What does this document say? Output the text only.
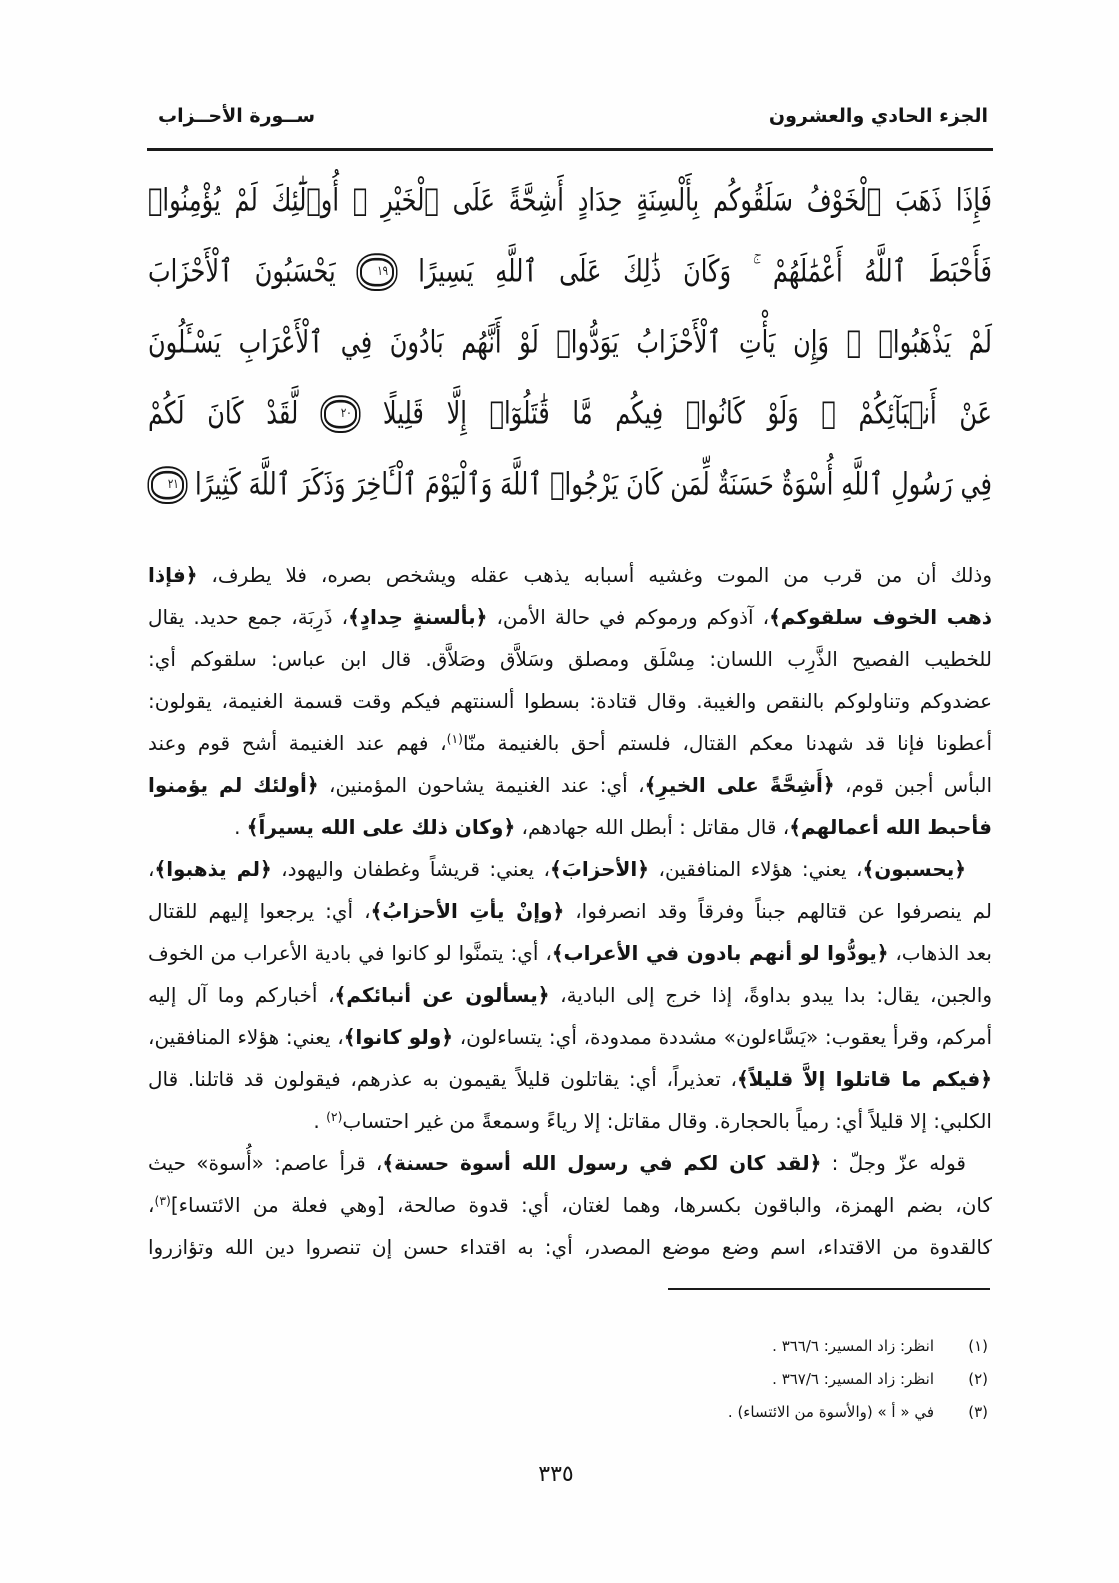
الجزء الحادي والعشرون
ســورة الأحــزاب
فَإِذَا ذَهَبَ ٱلْخَوْفُ سَلَقُوكُم بِأَلْسِنَةٍ حِدَادٍ أَشِحَّةً عَلَى ٱلْخَيْرِ ۚ أُو۟لَٰٓئِكَ لَمْ يُؤْمِنُوا۟
فَأَحْبَطَ ٱللَّهُ أَعْمَٰلَهُمْ ۚ وَكَانَ ذَٰلِكَ عَلَى ٱللَّهِ يَسِيرًا ١٩ يَحْسَبُونَ ٱلْأَحْزَابَ
لَمْ يَذْهَبُوا۟ ۖ وَإِن يَأْتِ ٱلْأَحْزَابُ يَوَدُّوا۟ لَوْ أَنَّهُم بَادُونَ فِي ٱلْأَعْرَابِ يَسْـَٔلُونَ
عَنْ أَنۢبَآئِكُمْ ۖ وَلَوْ كَانُوا۟ فِيكُم مَّا قَٰتَلُوٓا۟ إِلَّا قَلِيلًا ٢٠ لَّقَدْ كَانَ لَكُمْ
فِي رَسُولِ ٱللَّهِ أُسْوَةٌ حَسَنَةٌ لِّمَن كَانَ يَرْجُوا۟ ٱللَّهَ وَٱلْيَوْمَ ٱلْـَٔاخِرَ وَذَكَرَ ٱللَّهَ كَثِيرًا ٢١
وذلك أن من قرب من الموت وغشيه أسبابه يذهب عقله ويشخص بصره، فلا يطرف، ﴿فإذا
ذهب الخوف سلقوكم﴾، آذوكم ورموكم في حالة الأمن، ﴿بألسنةٍ حِدادٍ﴾، ذَرِبَة، جمع حديد. يقال
للخطيب الفصيح الذَّرِب اللسان: مِسْلَق ومصلق وسَلاَّق وصَلاَّق. قال ابن عباس: سلقوكم أي:
عضدوكم وتناولوكم بالنقص والغيبة. وقال قتادة: بسطوا ألسنتهم فيكم وقت قسمة الغنيمة، يقولون:
أعطونا فإنا قد شهدنا معكم القتال، فلستم أحق بالغنيمة منّا$^{(١)}$، فهم عند الغنيمة أشح قوم وعند
البأس أجبن قوم، ﴿أَشِحَّةً على الخيرِ﴾، أي: عند الغنيمة يشاحون المؤمنين، ﴿أولئك لم يؤمنوا
فأحبط الله أعمالهم﴾، قال مقاتل : أبطل الله جهادهم، ﴿وكان ذلك على الله يسيراً﴾ .
﴿يحسبون﴾، يعني: هؤلاء المنافقين، ﴿الأحزابَ﴾، يعني: قريشاً وغطفان واليهود، ﴿لم يذهبوا﴾،
لم ينصرفوا عن قتالهم جبناً وفرقاً وقد انصرفوا، ﴿وإنْ يأتِ الأحزابُ﴾، أي: يرجعوا إليهم للقتال
بعد الذهاب، ﴿يودُّوا لو أنهم بادون في الأعراب﴾، أي: يتمنَّوا لو كانوا في بادية الأعراب من الخوف
والجبن، يقال: بدا يبدو بداوةً، إذا خرج إلى البادية، ﴿يسألون عن أنبائكم﴾، أخباركم وما آل إليه
أمركم، وقرأ يعقوب: «يَسَّاءلون» مشددة ممدودة، أي: يتساءلون، ﴿ولو كانوا﴾، يعني: هؤلاء المنافقين،
﴿فيكم ما قاتلوا إلاَّ قليلاً﴾، تعذيراً، أي: يقاتلون قليلاً يقيمون به عذرهم، فيقولون قد قاتلنا. قال
الكلبي: إلا قليلاً أي: رمياً بالحجارة. وقال مقاتل: إلا رياءً وسمعةً من غير احتساب$^{(٢)}$ .
قوله عزّ وجلّ : ﴿لقد كان لكم في رسول الله أسوة حسنة﴾، قرأ عاصم: «أُسوة» حيث
كان، بضم الهمزة، والباقون بكسرها، وهما لغتان، أي: قدوة صالحة، [وهي فعلة من الائتساء]$^{(٣)}$،
كالقدوة من الاقتداء، اسم وضع موضع المصدر، أي: به اقتداء حسن إن تنصروا دين الله وتؤازروا
(١)انظر: زاد المسير: ٣٦٦/٦ .
(٢)انظر: زاد المسير: ٣٦٧/٦ .
(٣)في « أ » (والأسوة من الائتساء) .
٣٣٥
